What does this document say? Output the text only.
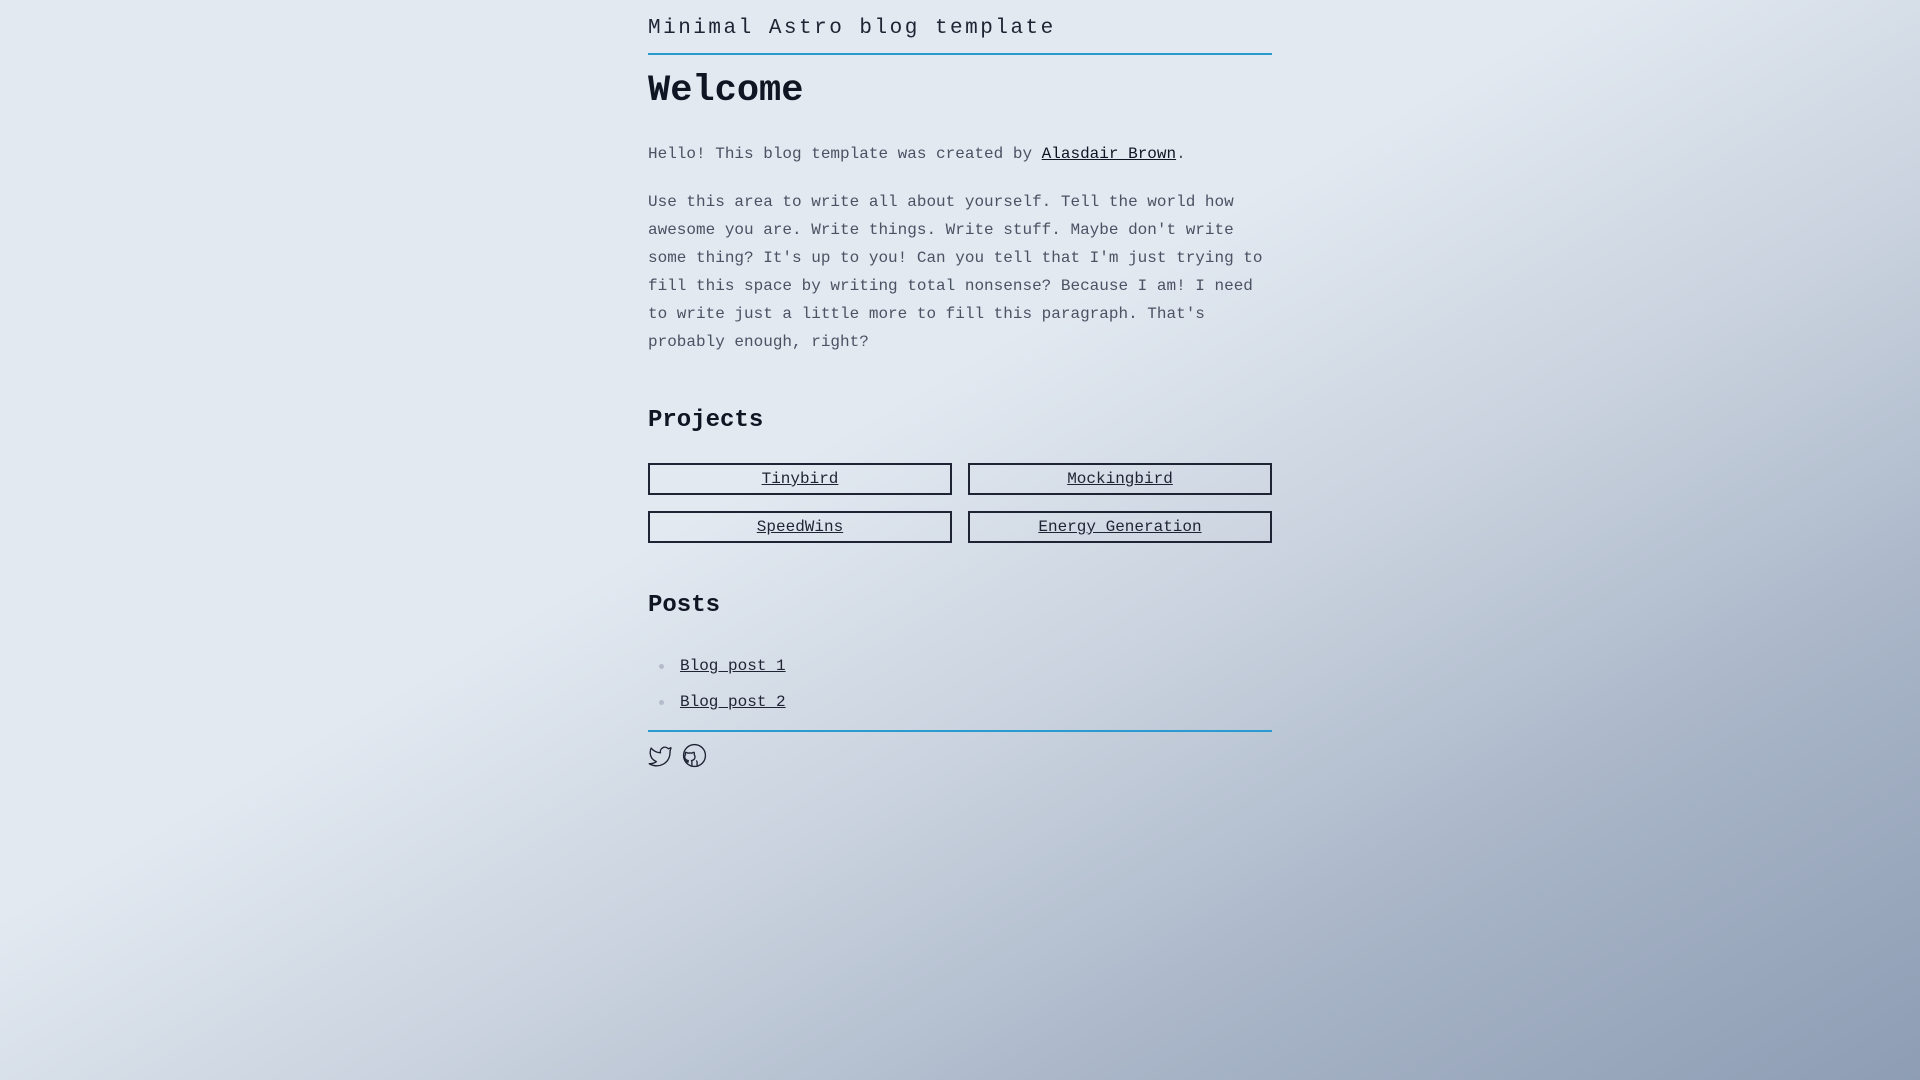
Minimal Astro blog template
Welcome

Hello! This blog template was created by Alasdair Brown.

Use this area to write all about yourself. Tell the world how awesome you are. Write things. Write stuff. Maybe don't write some thing? It's up to you! Can you tell that I'm just trying to fill this space by writing total nonsense? Because I am! I need to write just a little more to fill this paragraph. That's probably enough, right?

Projects
Tinybird	Mockingbird
SpeedWins	Energy Generation
Posts
Blog post 1
Blog post 2
